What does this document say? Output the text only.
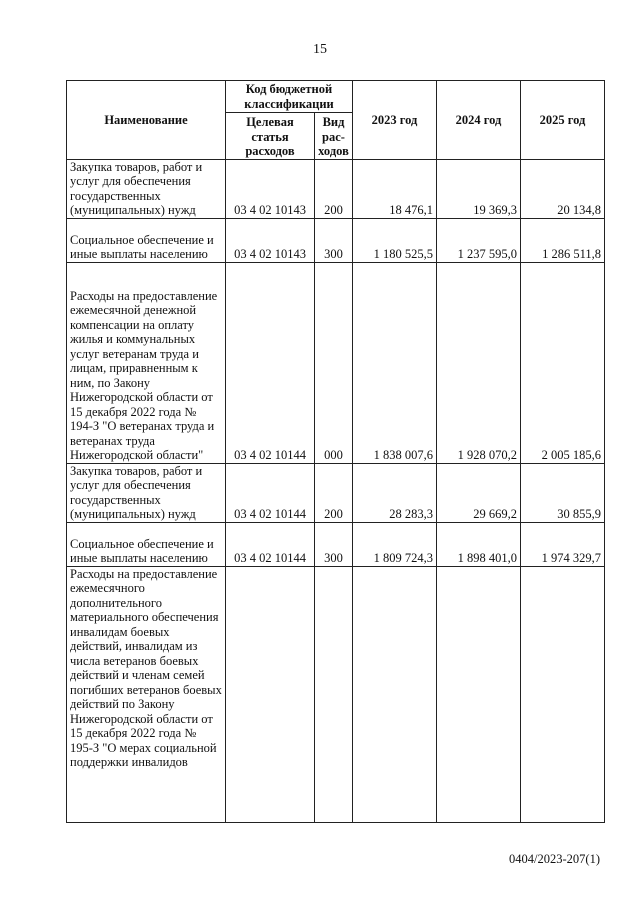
15
Наименование	Код бюджетной классификации		2023 год	2024 год	2025 год
	Целевая статья расходов	Вид рас-ходов			
Закупка товаров, работ и услуг для обеспечения государственных (муниципальных) нужд	03 4 02 10143	200	18 476,1	19 369,3	20 134,8
Социальное обеспечение и иные выплаты населению	03 4 02 10143	300	1 180 525,5	1 237 595,0	1 286 511,8
Расходы на предоставление ежемесячной денежной компенсации на оплату жилья и коммунальных услуг ветеранам труда и лицам, приравненным к ним, по Закону Нижегородской области от 15 декабря 2022 года № 194-З "О ветеранах труда и ветеранах труда Нижегородской области"	03 4 02 10144	000	1 838 007,6	1 928 070,2	2 005 185,6
Закупка товаров, работ и услуг для обеспечения государственных (муниципальных) нужд	03 4 02 10144	200	28 283,3	29 669,2	30 855,9
Социальное обеспечение и иные выплаты населению	03 4 02 10144	300	1 809 724,3	1 898 401,0	1 974 329,7
Расходы на предоставление ежемесячного дополнительного материального обеспечения инвалидам боевых действий, инвалидам из числа ветеранов боевых действий и членам семей погибших ветеранов боевых действий по Закону Нижегородской области от 15 декабря 2022 года № 195-З "О мерах социальной поддержки инвалидов					
0404/2023-207(1)
